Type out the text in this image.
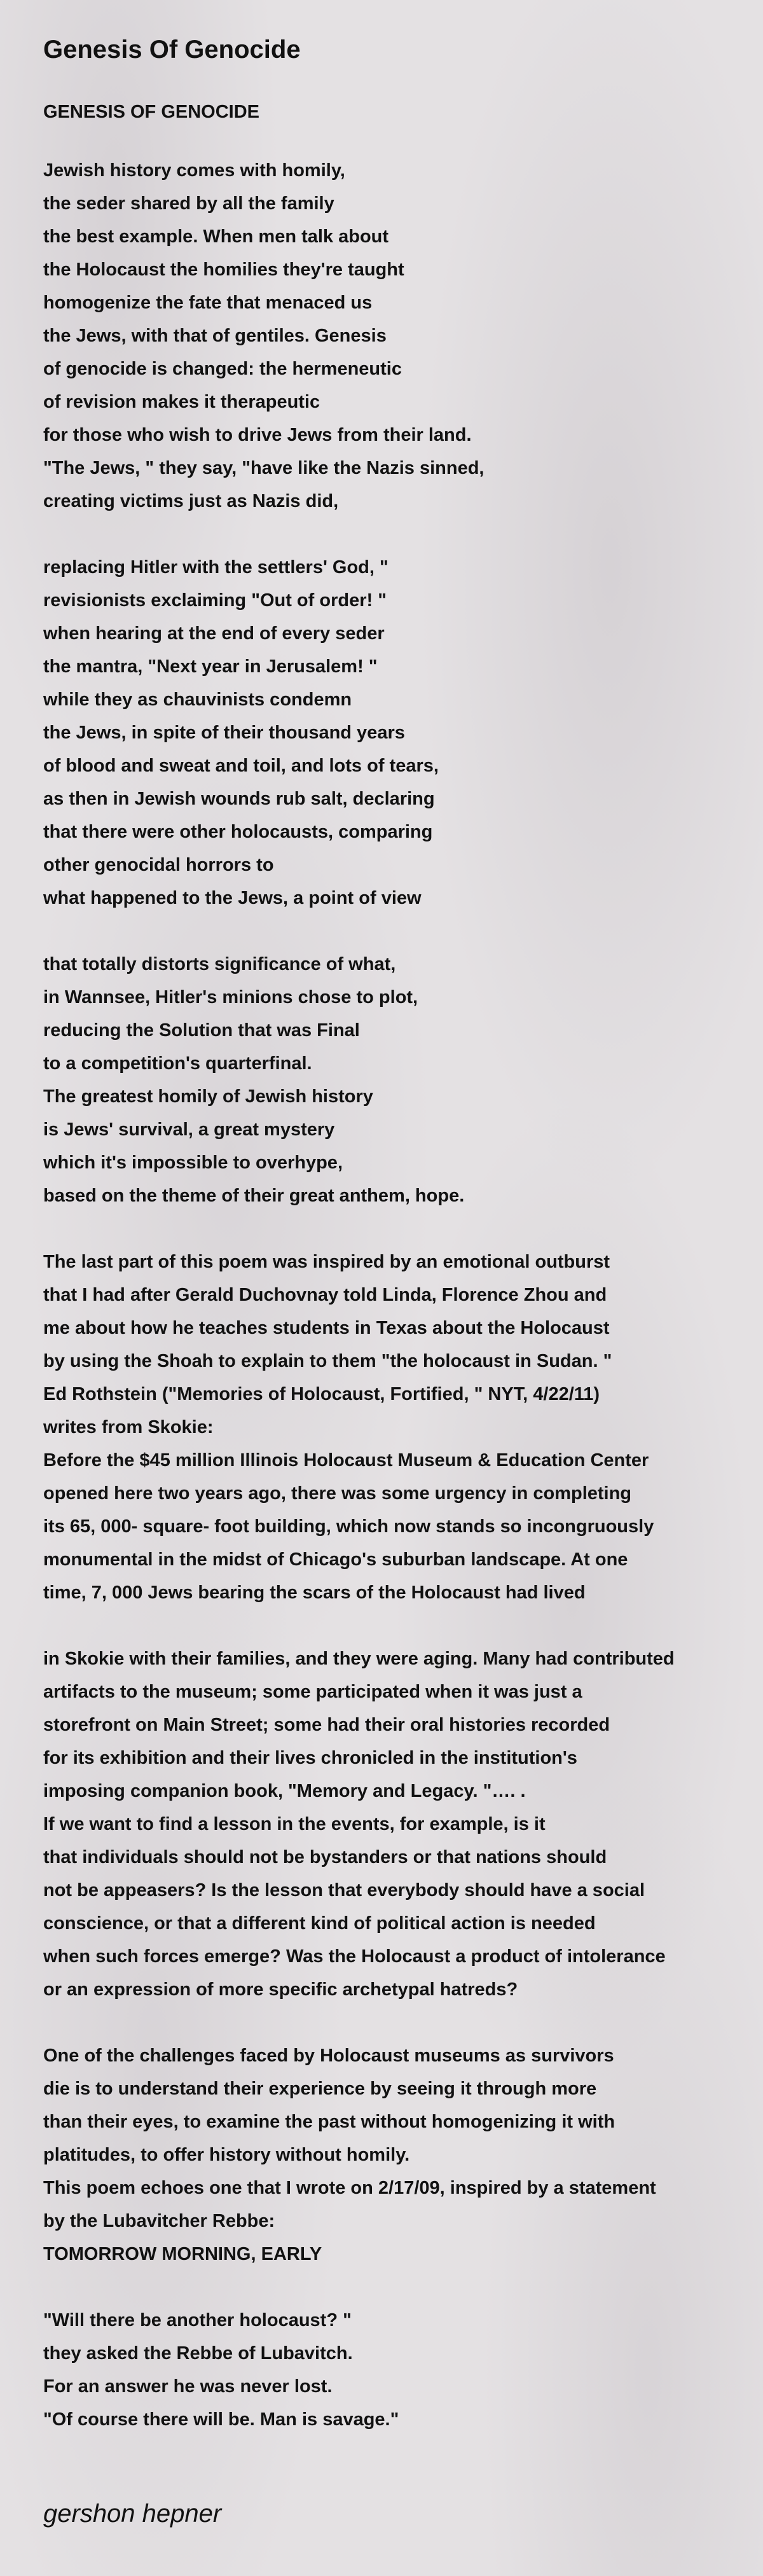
Genesis Of Genocide
GENESIS OF GENOCIDE
Jewish history comes with homily,
the seder shared by all the family
the best example. When men talk about
the Holocaust the homilies they're taught
homogenize the fate that menaced us
the Jews, with that of gentiles. Genesis
of genocide is changed: the hermeneutic
of revision makes it therapeutic
for those who wish to drive Jews from their land.
"The Jews, " they say, "have like the Nazis sinned,
creating victims just as Nazis did,
replacing Hitler with the settlers' God, "
revisionists exclaiming "Out of order! "
when hearing at the end of every seder
the mantra, "Next year in Jerusalem! "
while they as chauvinists condemn
the Jews, in spite of their thousand years
of blood and sweat and toil, and lots of tears,
as then in Jewish wounds rub salt, declaring
that there were other holocausts, comparing
other genocidal horrors to
what happened to the Jews, a point of view
that totally distorts significance of what,
in Wannsee, Hitler's minions chose to plot,
reducing the Solution that was Final
to a competition's quarterfinal.
The greatest homily of Jewish history
is Jews' survival, a great mystery
which it's impossible to overhype,
based on the theme of their great anthem, hope.
The last part of this poem was inspired by an emotional outburst
that I had after Gerald Duchovnay told Linda, Florence Zhou and
me about how he teaches students in Texas about the Holocaust
by using the Shoah to explain to them "the holocaust in Sudan. "
Ed Rothstein ("Memories of Holocaust, Fortified, " NYT, 4/22/11)
writes from Skokie:
Before the $45 million Illinois Holocaust Museum & Education Center
opened here two years ago, there was some urgency in completing
its 65, 000- square- foot building, which now stands so incongruously
monumental in the midst of Chicago's suburban landscape. At one
time, 7, 000 Jews bearing the scars of the Holocaust had lived
in Skokie with their families, and they were aging. Many had contributed
artifacts to the museum; some participated when it was just a
storefront on Main Street; some had their oral histories recorded
for its exhibition and their lives chronicled in the institution's
imposing companion book, "Memory and Legacy. "…. .
If we want to find a lesson in the events, for example, is it
that individuals should not be bystanders or that nations should
not be appeasers? Is the lesson that everybody should have a social
conscience, or that a different kind of political action is needed
when such forces emerge? Was the Holocaust a product of intolerance
or an expression of more specific archetypal hatreds?
One of the challenges faced by Holocaust museums as survivors
die is to understand their experience by seeing it through more
than their eyes, to examine the past without homogenizing it with
platitudes, to offer history without homily.
This poem echoes one that I wrote on 2/17/09, inspired by a statement
by the Lubavitcher Rebbe:
TOMORROW MORNING, EARLY
"Will there be another holocaust? "
they asked the Rebbe of Lubavitch.
For an answer he was never lost.
"Of course there will be. Man is savage."
gershon hepner
